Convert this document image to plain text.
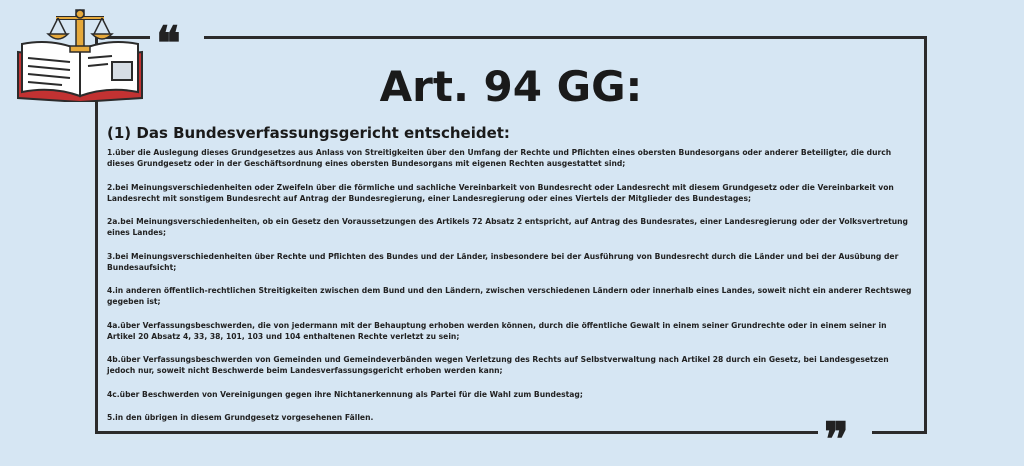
❝
❞
Art. 94 GG:
(1) Das Bundesverfassungsgericht entscheidet:

1.über die Auslegung dieses Grundgesetzes aus Anlass von Streitigkeiten über den Umfang der Rechte und Pflichten eines obersten Bundesorgans oder anderer Beteiligter, die durch dieses Grundgesetz oder in der Geschäftsordnung eines obersten Bundesorgans mit eigenen Rechten ausgestattet sind;

2.bei Meinungsverschiedenheiten oder Zweifeln über die förmliche und sachliche Vereinbarkeit von Bundesrecht oder Landesrecht mit diesem Grundgesetz oder die Vereinbarkeit von Landesrecht mit sonstigem Bundesrecht auf Antrag der Bundesregierung, einer Landesregierung oder eines Viertels der Mitglieder des Bundestages;

2a.bei Meinungsverschiedenheiten, ob ein Gesetz den Voraussetzungen des Artikels 72 Absatz 2 entspricht, auf Antrag des Bundesrates, einer Landesregierung oder der Volksvertretung eines Landes;

3.bei Meinungsverschiedenheiten über Rechte und Pflichten des Bundes und der Länder, insbesondere bei der Ausführung von Bundesrecht durch die Länder und bei der Ausübung der Bundesaufsicht;

4.in anderen öffentlich-rechtlichen Streitigkeiten zwischen dem Bund und den Ländern, zwischen verschiedenen Ländern oder innerhalb eines Landes, soweit nicht ein anderer Rechtsweg gegeben ist;

4a.über Verfassungsbeschwerden, die von jedermann mit der Behauptung erhoben werden können, durch die öffentliche Gewalt in einem seiner Grundrechte oder in einem seiner in Artikel 20 Absatz 4, 33, 38, 101, 103 und 104 enthaltenen Rechte verletzt zu sein;

4b.über Verfassungsbeschwerden von Gemeinden und Gemeindeverbänden wegen Verletzung des Rechts auf Selbstverwaltung nach Artikel 28 durch ein Gesetz, bei Landesgesetzen jedoch nur, soweit nicht Beschwerde beim Landesverfassungsgericht erhoben werden kann;

4c.über Beschwerden von Vereinigungen gegen ihre Nichtanerkennung als Partei für die Wahl zum Bundestag;

5.in den übrigen in diesem Grundgesetz vorgesehenen Fällen.
